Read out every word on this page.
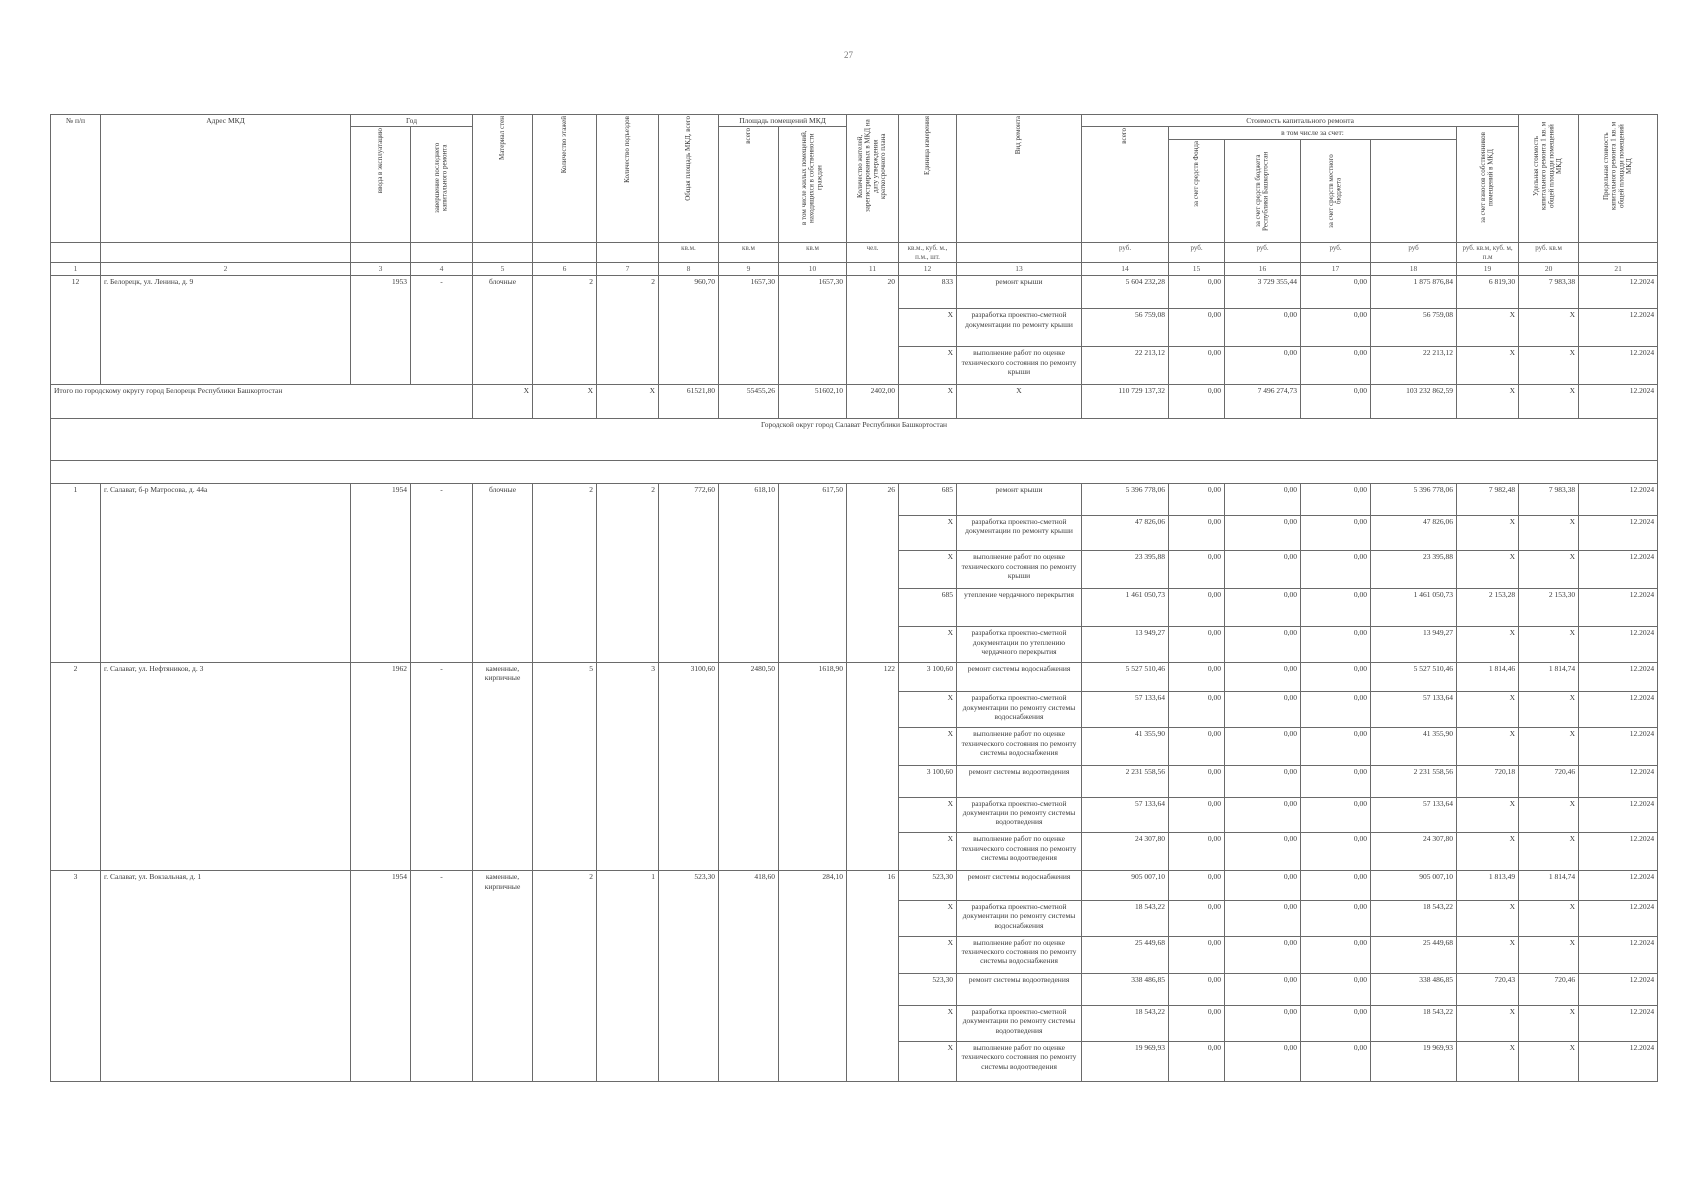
27
№ п/п	Адрес МКД	Год		Материал стен	Количество этажей	Количество подъездов	Общая площадь МКД, всего	Площадь помещений МКД		Количество жителей, зарегистрированных в МКД на дату утверждения краткосрочного плана	Единица измерения	Вид ремонта	Стоимость капитального ремонта						Удельная стоимость капитального ремонта 1 кв. м общей площади помещений МКД	Предельная стоимость капитального ремонта 1 кв. м общей площади помещений МКД

		ввода в эксплуатацию	завершение последнего капитального ремонта					всего	в том числе жилых помещений, находящихся в собственности граждан				всего	в том числе за счет:				за счет взносов собственников помещений в МКД			

														за счет средств Фонда	за счет средств бюджета Республики Башкортостан	за счет средств местного бюджета					

							кв.м.	кв.м	кв.м	чел.	кв.м., куб. м., п.м., шт.		руб.	руб.	руб.	руб.	руб	руб. кв.м, куб. м, п.м	руб. кв.м		
1	2	3	4	5	6	7	8	9	10	11	12	13	14	15	16	17	18	19	20	21	
12	г. Белорецк, ул. Ленина, д. 9	1953	-	блочные	2	2	960,70	1657,30	1657,30	20	833	ремонт крыши	5 604 232,28	0,00	3 729 355,44	0,00	1 875 876,84	6 819,30	7 983,38	12.2024	
											X	разработка проектно-сметной документации по ремонту крыши	56 759,08	0,00	0,00	0,00	56 759,08	X	X	12.2024	
											X	выполнение работ по оценке технического состояния по ремонту крыши	22 213,12	0,00	0,00	0,00	22 213,12	X	X	12.2024	
Итого по городскому округу город Белорецк Республики Башкортостан				X	X	X	61521,80	55455,26	51602,10	2402,00	X	X	110 729 137,32	0,00	7 496 274,73	0,00	103 232 862,59	X	X	12.2024	
Городской округ город Салават Республики Башкортостан																					

1	г. Салават, б-р Матросова, д. 44а	1954	-	блочные	2	2	772,60	618,10	617,50	26	685	ремонт крыши	5 396 778,06	0,00	0,00	0,00	5 396 778,06	7 982,48	7 983,38	12.2024	
											X	разработка проектно-сметной документации по ремонту крыши	47 826,06	0,00	0,00	0,00	47 826,06	X	X	12.2024	
											X	выполнение работ по оценке технического состояния по ремонту крыши	23 395,88	0,00	0,00	0,00	23 395,88	X	X	12.2024	
											685	утепление чердачного перекрытия	1 461 050,73	0,00	0,00	0,00	1 461 050,73	2 153,28	2 153,30	12.2024	
											X	разработка проектно-сметной документации по утеплению чердачного перекрытия	13 949,27	0,00	0,00	0,00	13 949,27	X	X	12.2024	
2	г. Салават, ул. Нефтяников, д. 3	1962	-	каменные, кирпичные	5	3	3100,60	2480,50	1618,90	122	3 100,60	ремонт системы водоснабжения	5 527 510,46	0,00	0,00	0,00	5 527 510,46	1 814,46	1 814,74	12.2024	
											X	разработка проектно-сметной документации по ремонту системы водоснабжения	57 133,64	0,00	0,00	0,00	57 133,64	X	X	12.2024	
											X	выполнение работ по оценке технического состояния по ремонту системы водоснабжения	41 355,90	0,00	0,00	0,00	41 355,90	X	X	12.2024	
											3 100,60	ремонт системы водоотведения	2 231 558,56	0,00	0,00	0,00	2 231 558,56	720,18	720,46	12.2024	
											X	разработка проектно-сметной документации по ремонту системы водоотведения	57 133,64	0,00	0,00	0,00	57 133,64	X	X	12.2024	
											X	выполнение работ по оценке технического состояния по ремонту системы водоотведения	24 307,80	0,00	0,00	0,00	24 307,80	X	X	12.2024	
3	г. Салават, ул. Вокзальная, д. 1	1954	-	каменные, кирпичные	2	1	523,30	418,60	284,10	16	523,30	ремонт системы водоснабжения	905 007,10	0,00	0,00	0,00	905 007,10	1 813,49	1 814,74	12.2024	
											X	разработка проектно-сметной документации по ремонту системы водоснабжения	18 543,22	0,00	0,00	0,00	18 543,22	X	X	12.2024	
											X	выполнение работ по оценке технического состояния по ремонту системы водоснабжения	25 449,68	0,00	0,00	0,00	25 449,68	X	X	12.2024	
											523,30	ремонт системы водоотведения	338 486,85	0,00	0,00	0,00	338 486,85	720,43	720,46	12.2024	
											X	разработка проектно-сметной документации по ремонту системы водоотведения	18 543,22	0,00	0,00	0,00	18 543,22	X	X	12.2024	
											X	выполнение работ по оценке технического состояния по ремонту системы водоотведения	19 969,93	0,00	0,00	0,00	19 969,93	X	X	12.2024	
